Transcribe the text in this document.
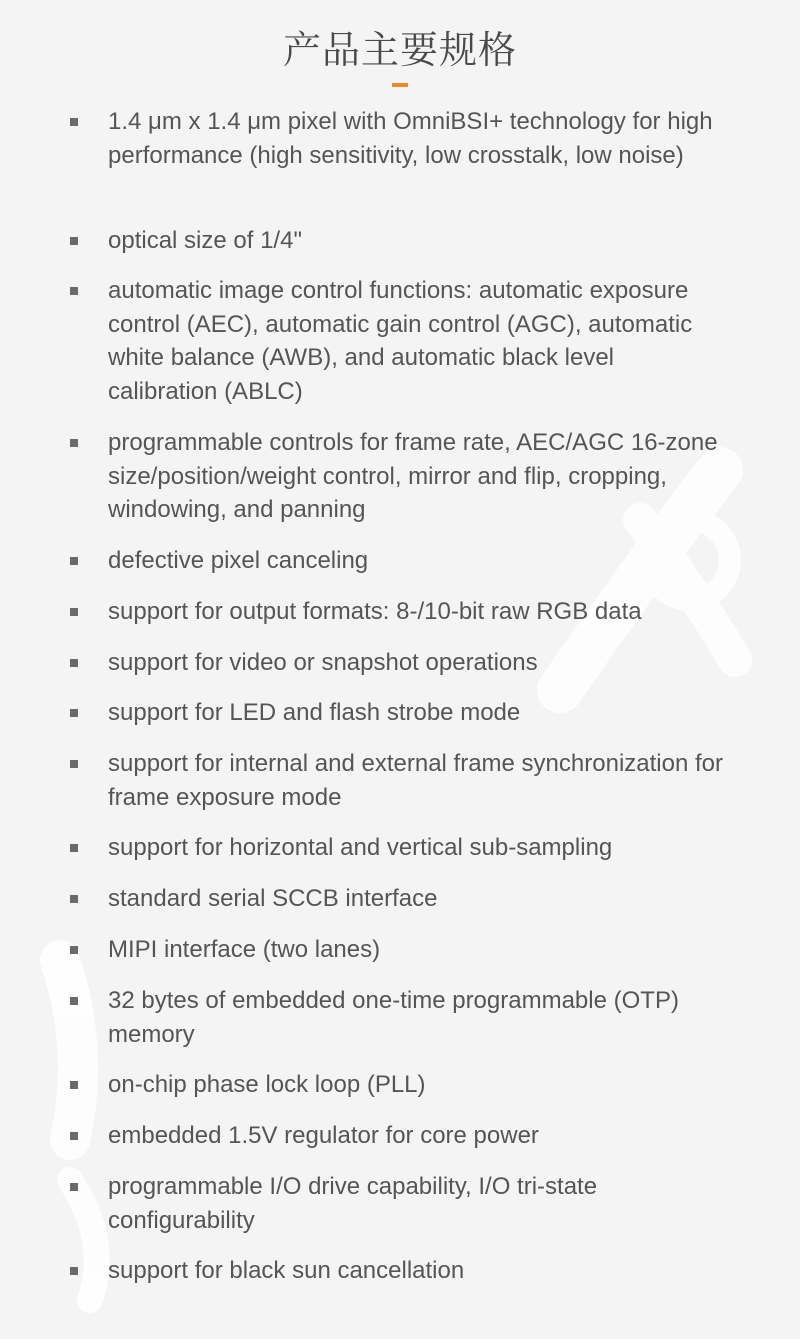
产品主要规格
1.4 μm x 1.4 μm pixel with OmniBSI+ technology for high performance (high sensitivity, low crosstalk, low noise)
optical size of 1/4"
automatic image control functions: automatic exposure control (AEC), automatic gain control (AGC), automatic white balance (AWB), and automatic black level calibration (ABLC)
programmable controls for frame rate, AEC/AGC 16-zone size/position/weight control, mirror and flip, cropping, windowing, and panning
defective pixel canceling
support for output formats: 8-/10-bit raw RGB data
support for video or snapshot operations
support for LED and flash strobe mode
support for internal and external frame synchronization for frame exposure mode
support for horizontal and vertical sub-sampling
standard serial SCCB interface
MIPI interface (two lanes)
32 bytes of embedded one-time programmable (OTP) memory
on-chip phase lock loop (PLL)
embedded 1.5V regulator for core power
programmable I/O drive capability, I/O tri-state configurability
support for black sun cancellation
